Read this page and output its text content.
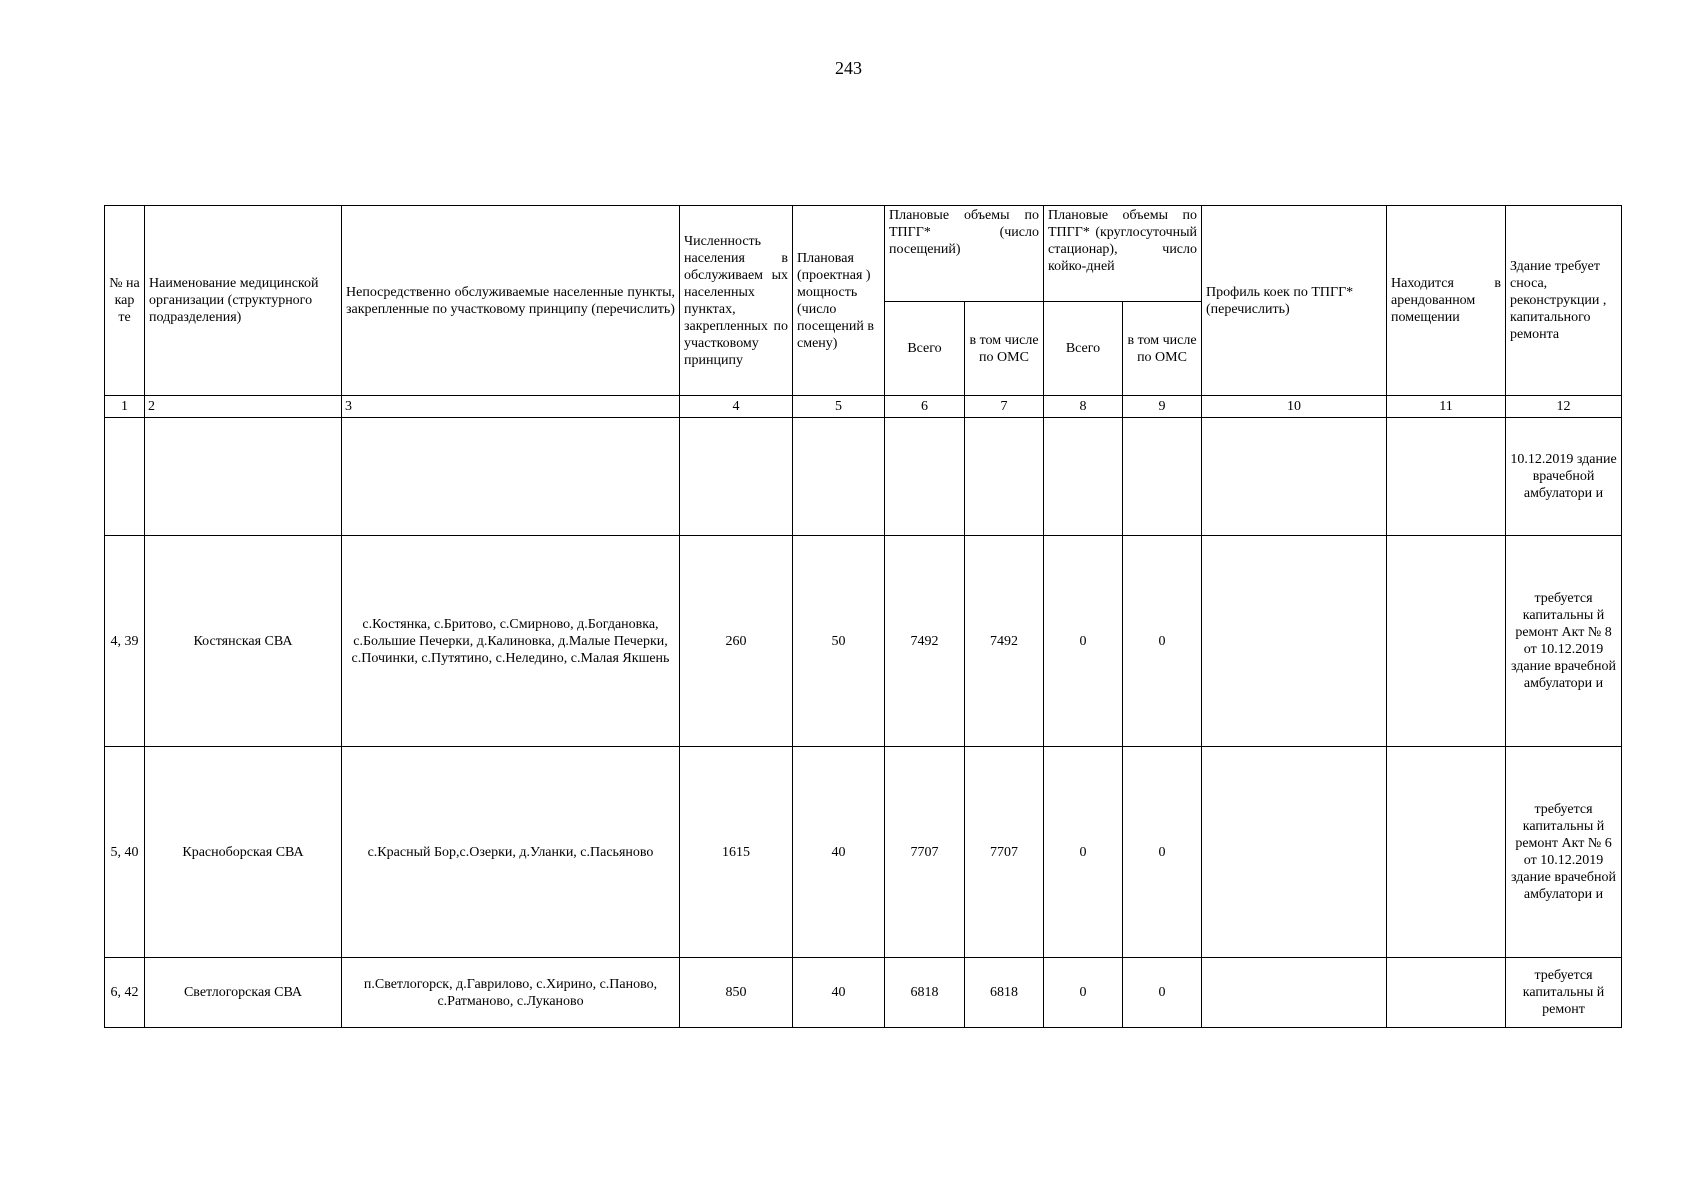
243
№ на кар те	Наименование медицинской организации (структурного подразделения)	Непосредственно обслуживаемые населенные пункты, закрепленные по участковому принципу (перечислить)	Численность населения в обслуживаем ых населенных пунктах, закрепленных по участковому принципу	Плановая (проектная ) мощность (число посещений в смену)	Плановые объемы по ТПГГ* (число посещений)		Плановые объемы по ТПГГ* (круглосуточный стационар), число койко-дней		Профиль коек по ТПГГ* (перечислить)	Находится в арендованном помещении	Здание требует сноса, реконструкции , капитального ремонта
					Всего	в том числе по ОМС	Всего	в том числе по ОМС			
1	2	3	4	5	6	7	8	9	10	11	12
											10.12.2019 здание врачебной амбулатори и
4, 39	Костянская СВА	с.Костянка, с.Бритово, с.Смирново, д.Богдановка, с.Большие Печерки, д.Калиновка, д.Малые Печерки, с.Починки, с.Путятино, с.Неледино, с.Малая Якшень	260	50	7492	7492	0	0			требуется капитальны й ремонт Акт № 8 от 10.12.2019 здание врачебной амбулатори и
5, 40	Красноборская СВА	с.Красный Бор,с.Озерки, д.Уланки, с.Пасьяново	1615	40	7707	7707	0	0			требуется капитальны й ремонт Акт № 6 от 10.12.2019 здание врачебной амбулатори и
6, 42	Светлогорская СВА	п.Светлогорск, д.Гаврилово, с.Хирино, с.Паново, с.Ратманово, с.Луканово	850	40	6818	6818	0	0			требуется капитальны й ремонт
